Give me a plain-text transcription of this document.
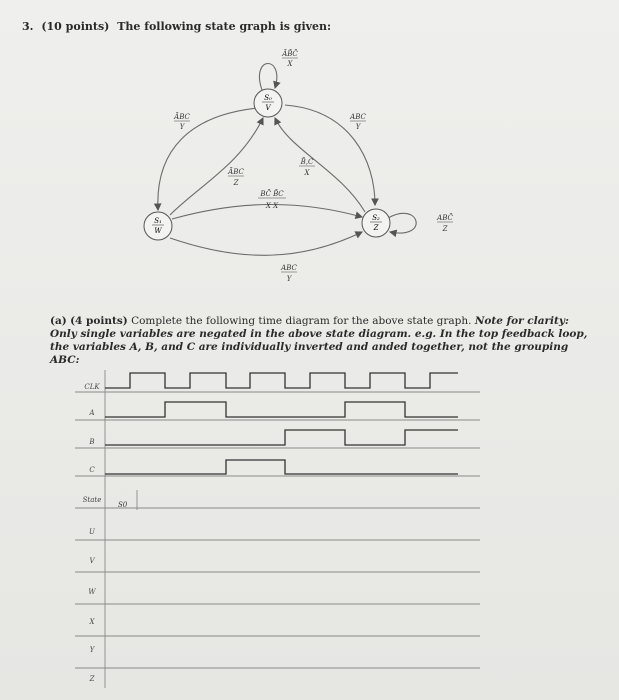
3. (10 points) The following state graph is given:
S₀
V
S₁
W
S₂
Z
ĀB̄C̄
X
ĀBC
Y
ABC
Y
B̄,C
X
ĀBC
Z
BC̄ B̄C
X X
ABC
Y
ABC̄
Z
(a) (4 points) Complete the following time diagram for the above state graph. Note for clarity: Only single variables are negated in the above state diagram. e.g. In the top feedback loop, the variables A, B, and C are individually inverted and anded together, not the grouping ABC:
CLK
A
B
C
State
U
V
W
X
Y
Z
S0
